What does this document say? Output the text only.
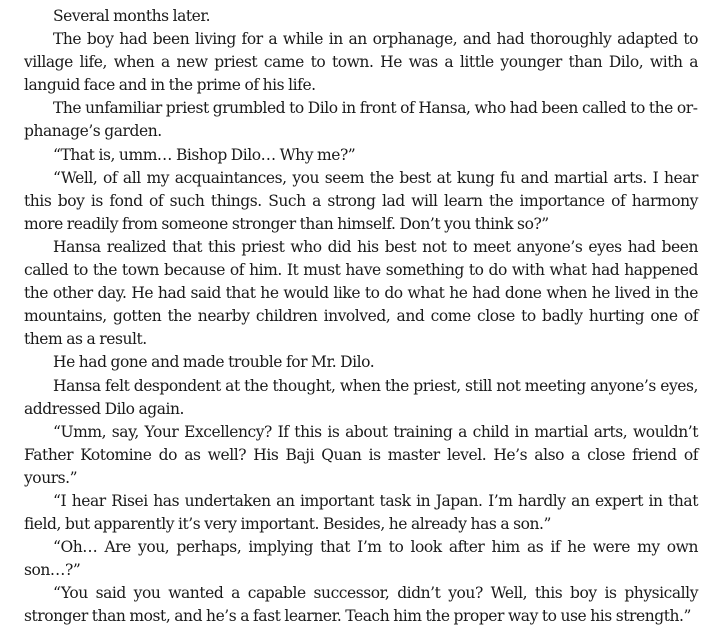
Several months later.

The boy had been living for a while in an orphanage, and had thoroughly adapted to village life, when a new priest came to town. He was a little younger than Dilo, with a languid face and in the prime of his life.

The unfamiliar priest grumbled to Dilo in front of Hansa, who had been called to the orphanage’s garden.

“That is, umm… Bishop Dilo… Why me?”

“Well, of all my acquaintances, you seem the best at kung fu and martial arts. I hear this boy is fond of such things. Such a strong lad will learn the importance of harmony more readily from someone stronger than himself. Don’t you think so?”

Hansa realized that this priest who did his best not to meet anyone’s eyes had been called to the town because of him. It must have something to do with what had happened the other day. He had said that he would like to do what he had done when he lived in the mountains, gotten the nearby children involved, and come close to badly hurting one of them as a result.

He had gone and made trouble for Mr. Dilo.

Hansa felt despondent at the thought, when the priest, still not meeting anyone’s eyes, addressed Dilo again.

“Umm, say, Your Excellency? If this is about training a child in martial arts, wouldn’t Father Kotomine do as well? His Baji Quan is master level. He’s also a close friend of yours.”

“I hear Risei has undertaken an important task in Japan. I’m hardly an expert in that field, but apparently it’s very important. Besides, he already has a son.”

“Oh… Are you, perhaps, implying that I’m to look after him as if he were my own son…?”

“You said you wanted a capable successor, didn’t you? Well, this boy is physically stronger than most, and he’s a fast learner. Teach him the proper way to use his strength.”
